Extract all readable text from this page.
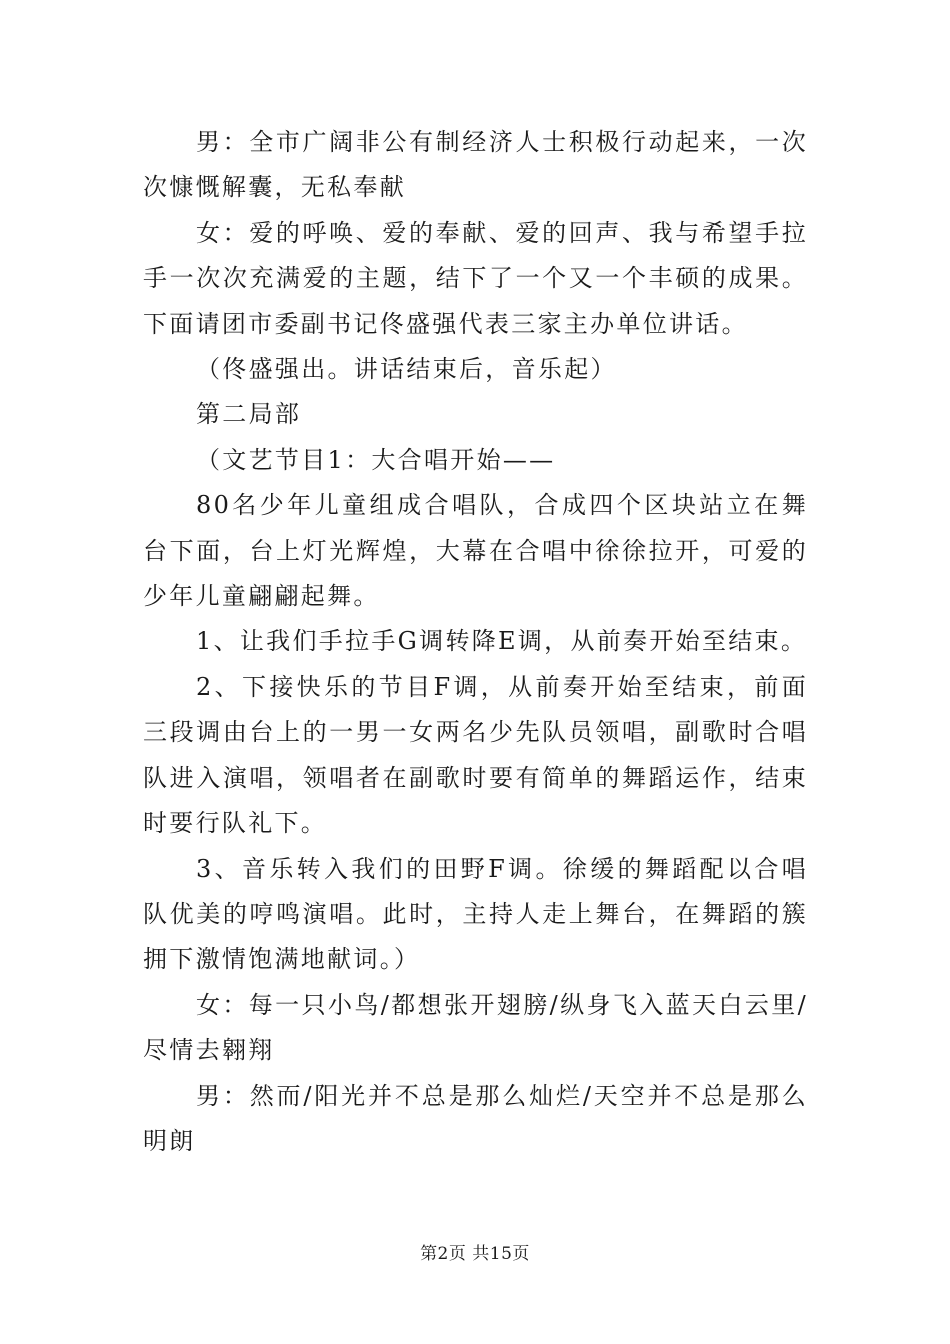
男：全市广阔非公有制经济人士积极行动起来，一次次慷慨解囊，无私奉献

女：爱的呼唤、爱的奉献、爱的回声、我与希望手拉手一次次充满爱的主题，结下了一个又一个丰硕的成果。下面请团市委副书记佟盛强代表三家主办单位讲话。

（佟盛强出。讲话结束后，音乐起）

第二局部

（文艺节目1：大合唱开始——

80名少年儿童组成合唱队，合成四个区块站立在舞台下面，台上灯光辉煌，大幕在合唱中徐徐拉开，可爱的少年儿童翩翩起舞。

1、让我们手拉手G调转降E调，从前奏开始至结束。

2、下接快乐的节目F调，从前奏开始至结束，前面三段调由台上的一男一女两名少先队员领唱，副歌时合唱队进入演唱，领唱者在副歌时要有简单的舞蹈运作，结束时要行队礼下。

3、音乐转入我们的田野F调。徐缓的舞蹈配以合唱队优美的哼鸣演唱。此时，主持人走上舞台，在舞蹈的簇拥下激情饱满地献词。）

女：每一只小鸟/都想张开翅膀/纵身飞入蓝天白云里/尽情去翱翔

男：然而/阳光并不总是那么灿烂/天空并不总是那么明朗

第2页 共15页
